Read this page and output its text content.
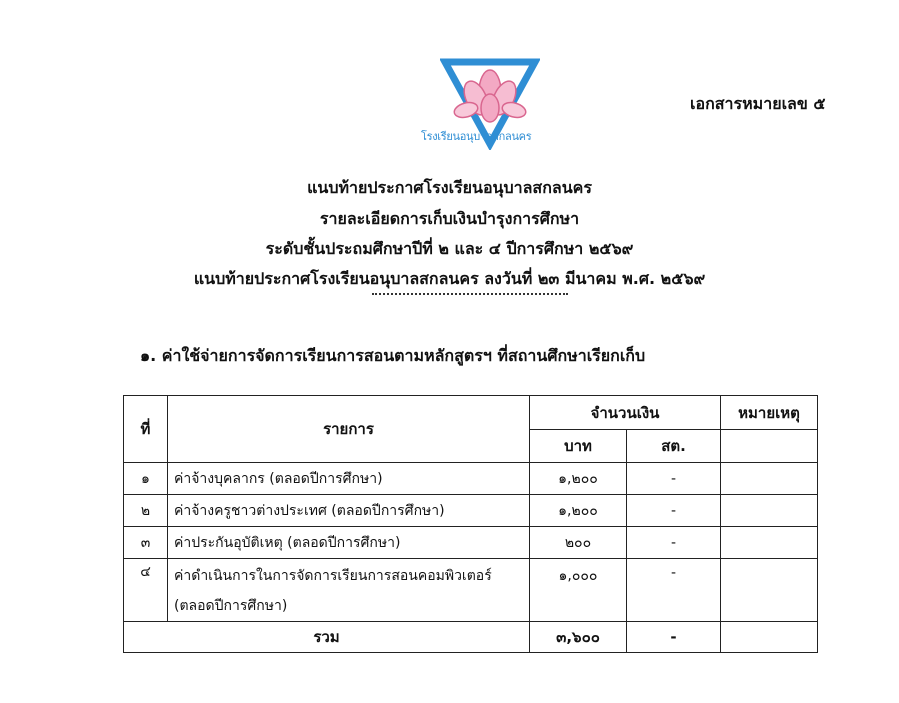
โรงเรียนอนุบาลสกลนคร
เอกสารหมายเลข ๕
แนบท้ายประกาศโรงเรียนอนุบาลสกลนคร
รายละเอียดการเก็บเงินบำรุงการศึกษา
ระดับชั้นประถมศึกษาปีที่ ๒ และ ๔ ปีการศึกษา ๒๕๖๙
แนบท้ายประกาศโรงเรียนอนุบาลสกลนคร ลงวันที่ ๒๓ มีนาคม พ.ศ. ๒๕๖๙
๑. ค่าใช้จ่ายการจัดการเรียนการสอนตามหลักสูตรฯ ที่สถานศึกษาเรียกเก็บ
ที่	รายการ	จำนวนเงิน		หมายเหตุ
		บาท	สต.	
๑	ค่าจ้างบุคลากร (ตลอดปีการศึกษา)	๑,๒๐๐	-	
๒	ค่าจ้างครูชาวต่างประเทศ (ตลอดปีการศึกษา)	๑,๒๐๐	-	
๓	ค่าประกันอุบัติเหตุ (ตลอดปีการศึกษา)	๒๐๐	-	
๔	ค่าดำเนินการในการจัดการเรียนการสอนคอมพิวเตอร์
(ตลอดปีการศึกษา)	๑,๐๐๐	-	
รวม		๓,๖๐๐	-	
